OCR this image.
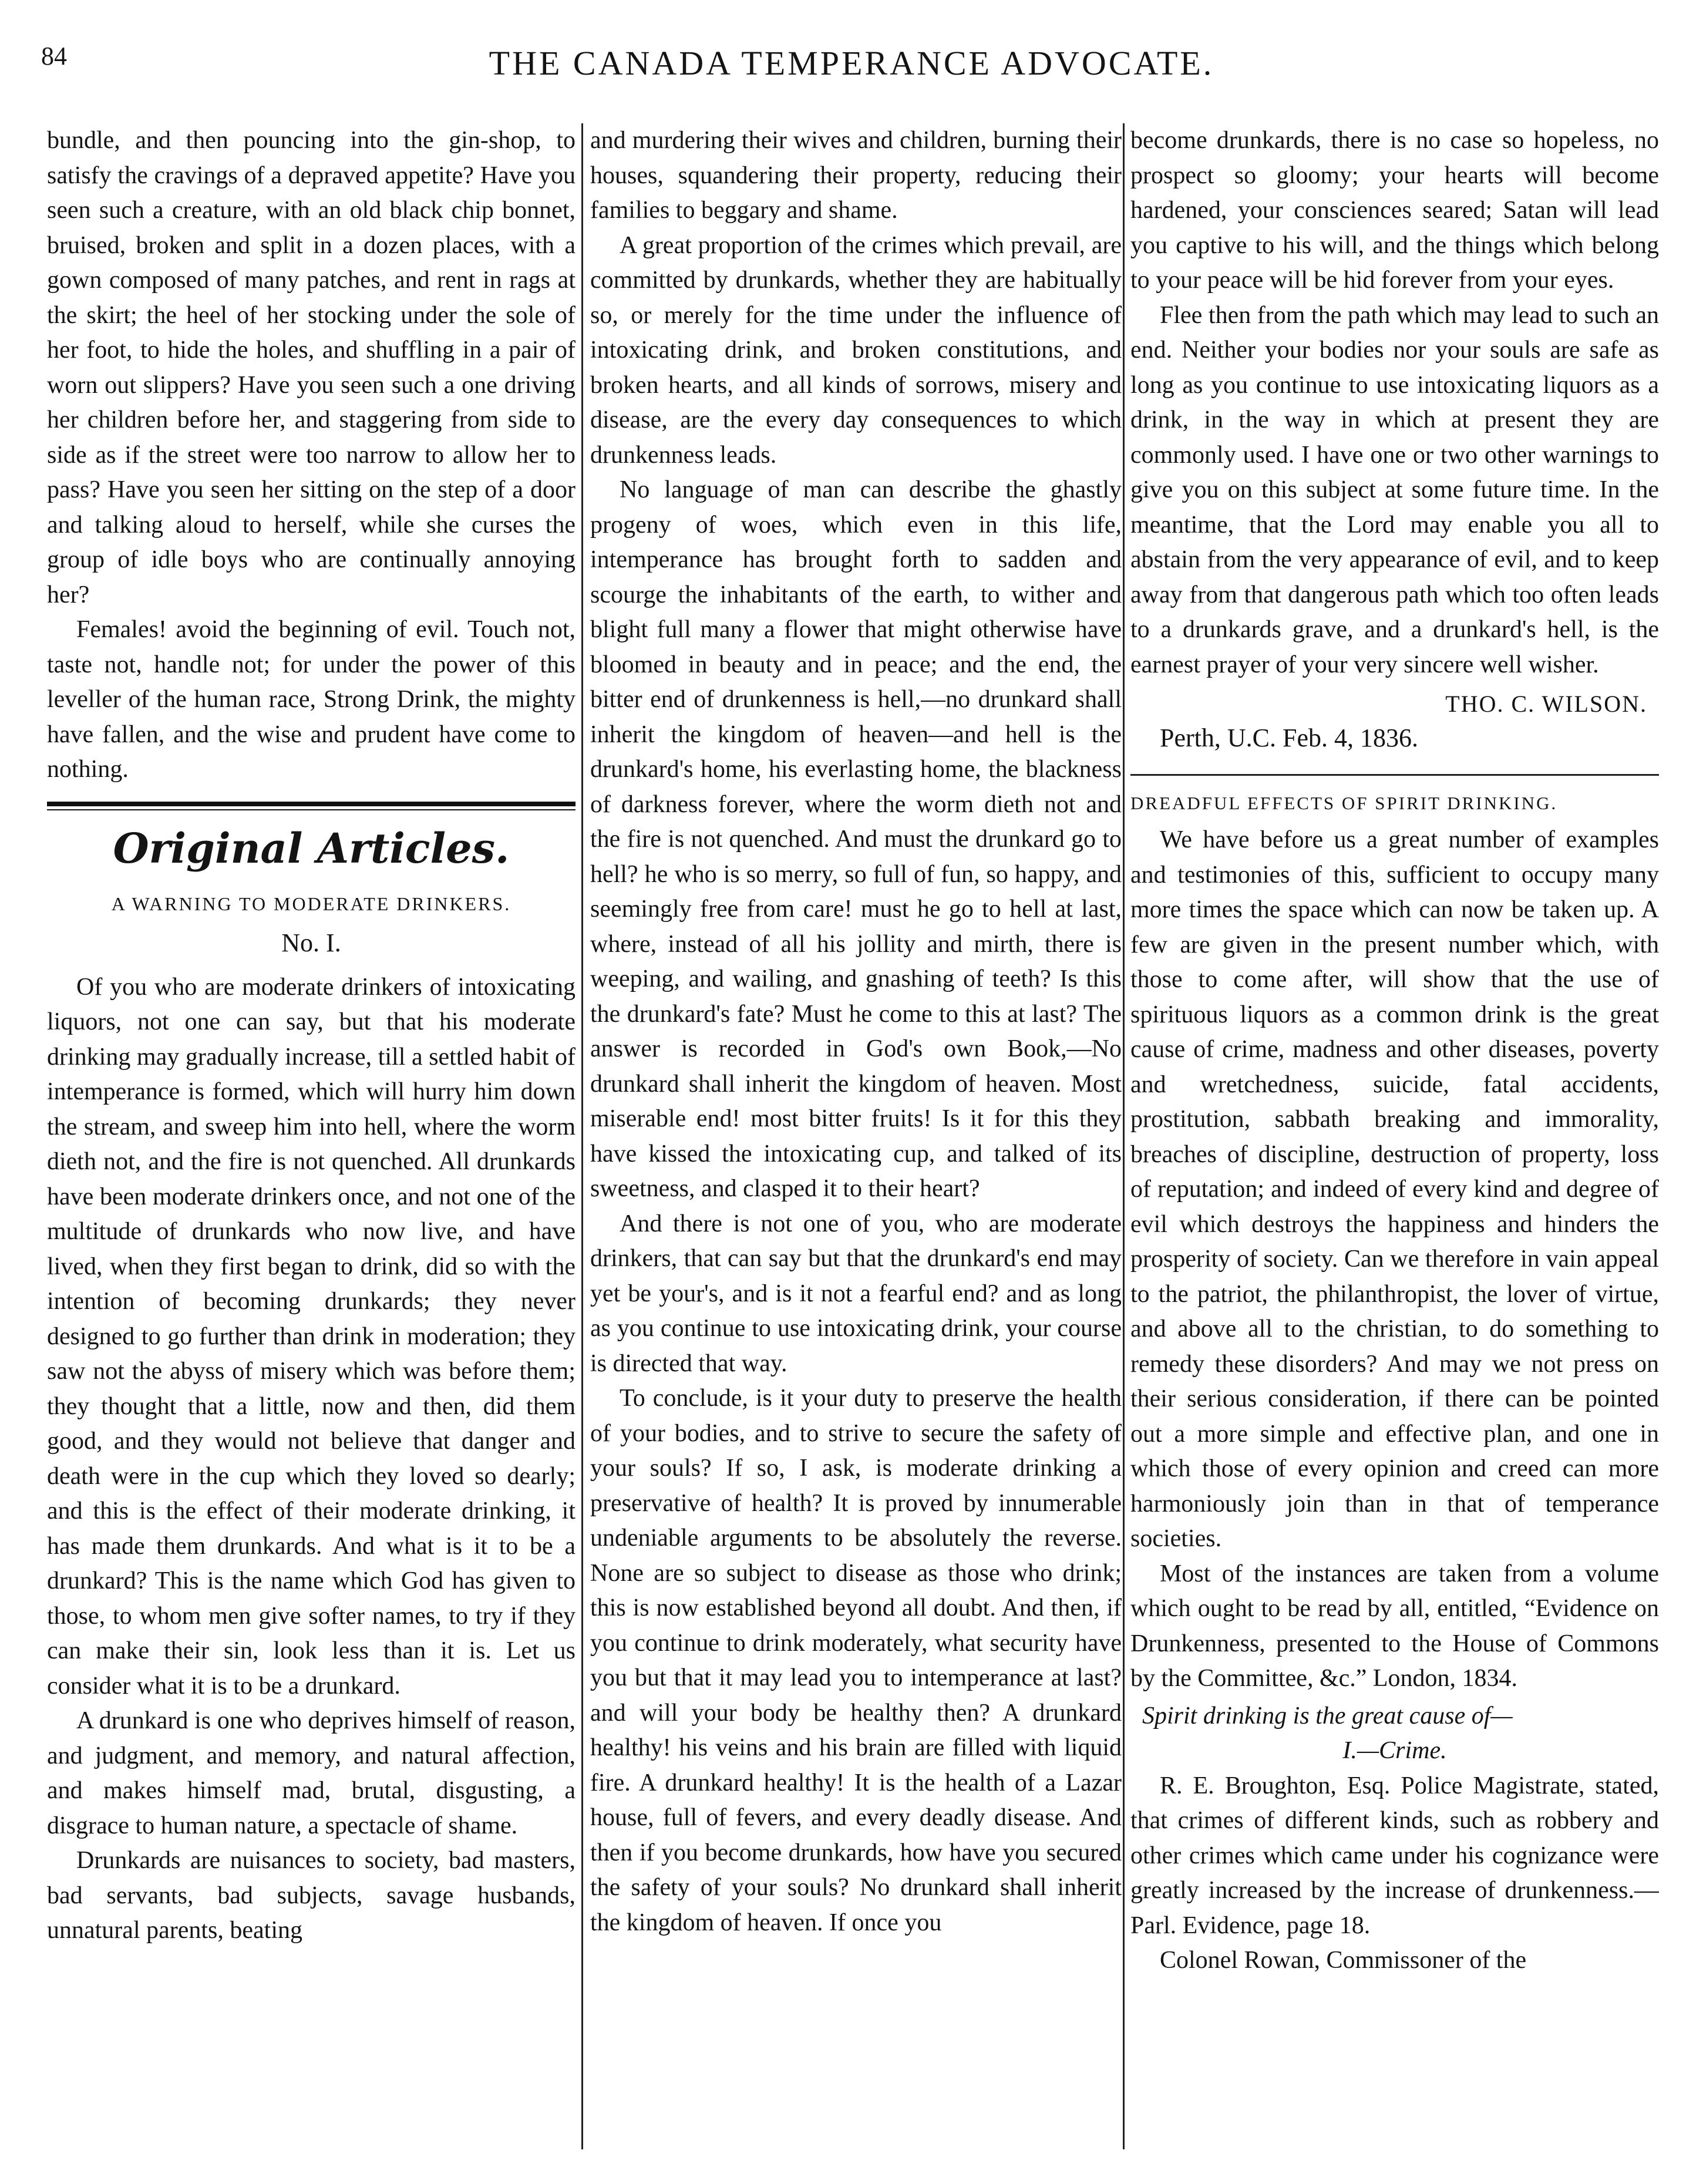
84	THE CANADA TEMPERANCE ADVOCATE.

bundle, and then pouncing into the gin-shop, to satisfy the cravings of a depraved appetite? Have you seen such a creature, with an old black chip bonnet, bruised, broken and split in a dozen places, with a gown composed of many patches, and rent in rags at the skirt; the heel of her stocking under the sole of her foot, to hide the holes, and shuffling in a pair of worn out slippers? Have you seen such a one driving her children before her, and staggering from side to side as if the street were too narrow to allow her to pass? Have you seen her sitting on the step of a door and talking aloud to herself, while she curses the group of idle boys who are continually annoying her?

Females! avoid the beginning of evil. Touch not, taste not, handle not; for under the power of this leveller of the human race, Strong Drink, the mighty have fallen, and the wise and prudent have come to nothing.

Original Articles.
A WARNING TO MODERATE DRINKERS.
No. I.

Of you who are moderate drinkers of intoxicating liquors, not one can say, but that his moderate drinking may gradually increase, till a settled habit of intemperance is formed, which will hurry him down the stream, and sweep him into hell, where the worm dieth not, and the fire is not quenched. All drunkards have been moderate drinkers once, and not one of the multitude of drunkards who now live, and have lived, when they first began to drink, did so with the intention of becoming drunkards; they never designed to go further than drink in moderation; they saw not the abyss of misery which was before them; they thought that a little, now and then, did them good, and they would not believe that danger and death were in the cup which they loved so dearly; and this is the effect of their moderate drinking, it has made them drunkards. And what is it to be a drunkard? This is the name which God has given to those, to whom men give softer names, to try if they can make their sin, look less than it is. Let us consider what it is to be a drunkard.

A drunkard is one who deprives himself of reason, and judgment, and memory, and natural affection, and makes himself mad, brutal, disgusting, a disgrace to human nature, a spectacle of shame.

Drunkards are nuisances to society, bad masters, bad servants, bad subjects, savage husbands, unnatural parents, beating

and murdering their wives and children, burning their houses, squandering their property, reducing their families to beggary and shame.

A great proportion of the crimes which prevail, are committed by drunkards, whether they are habitually so, or merely for the time under the influence of intoxicating drink, and broken constitutions, and broken hearts, and all kinds of sorrows, misery and disease, are the every day consequences to which drunkenness leads.

No language of man can describe the ghastly progeny of woes, which even in this life, intemperance has brought forth to sadden and scourge the inhabitants of the earth, to wither and blight full many a flower that might otherwise have bloomed in beauty and in peace; and the end, the bitter end of drunkenness is hell,—no drunkard shall inherit the kingdom of heaven—and hell is the drunkard's home, his everlasting home, the blackness of darkness forever, where the worm dieth not and the fire is not quenched. And must the drunkard go to hell? he who is so merry, so full of fun, so happy, and seemingly free from care! must he go to hell at last, where, instead of all his jollity and mirth, there is weeping, and wailing, and gnashing of teeth? Is this the drunkard's fate? Must he come to this at last? The answer is recorded in God's own Book,—No drunkard shall inherit the kingdom of heaven. Most miserable end! most bitter fruits! Is it for this they have kissed the intoxicating cup, and talked of its sweetness, and clasped it to their heart?

And there is not one of you, who are moderate drinkers, that can say but that the drunkard's end may yet be your's, and is it not a fearful end? and as long as you continue to use intoxicating drink, your course is directed that way.

To conclude, is it your duty to preserve the health of your bodies, and to strive to secure the safety of your souls? If so, I ask, is moderate drinking a preservative of health? It is proved by innumerable undeniable arguments to be absolutely the reverse. None are so subject to disease as those who drink; this is now established beyond all doubt. And then, if you continue to drink moderately, what security have you but that it may lead you to intemperance at last? and will your body be healthy then? A drunkard healthy! his veins and his brain are filled with liquid fire. A drunkard healthy! It is the health of a Lazar house, full of fevers, and every deadly disease. And then if you become drunkards, how have you secured the safety of your souls? No drunkard shall inherit the kingdom of heaven. If once you

become drunkards, there is no case so hopeless, no prospect so gloomy; your hearts will become hardened, your consciences seared; Satan will lead you captive to his will, and the things which belong to your peace will be hid forever from your eyes.

Flee then from the path which may lead to such an end. Neither your bodies nor your souls are safe as long as you continue to use intoxicating liquors as a drink, in the way in which at present they are commonly used. I have one or two other warnings to give you on this subject at some future time. In the meantime, that the Lord may enable you all to abstain from the very appearance of evil, and to keep away from that dangerous path which too often leads to a drunkards grave, and a drunkard's hell, is the earnest prayer of your very sincere well wisher.

THO. C. WILSON.
Perth, U.C. Feb. 4, 1836.
DREADFUL EFFECTS OF SPIRIT DRINKING.

We have before us a great number of examples and testimonies of this, sufficient to occupy many more times the space which can now be taken up. A few are given in the present number which, with those to come after, will show that the use of spirituous liquors as a common drink is the great cause of crime, madness and other diseases, poverty and wretchedness, suicide, fatal accidents, prostitution, sabbath breaking and immorality, breaches of discipline, destruction of property, loss of reputation; and indeed of every kind and degree of evil which destroys the happiness and hinders the prosperity of society. Can we therefore in vain appeal to the patriot, the philanthropist, the lover of virtue, and above all to the christian, to do something to remedy these disorders? And may we not press on their serious consideration, if there can be pointed out a more simple and effective plan, and one in which those of every opinion and creed can more harmoniously join than in that of temperance societies.

Most of the instances are taken from a volume which ought to be read by all, entitled, “Evidence on Drunkenness, presented to the House of Commons by the Committee, &c.” London, 1834.

Spirit drinking is the great cause of—
I.—Crime.

R. E. Broughton, Esq. Police Magistrate, stated, that crimes of different kinds, such as robbery and other crimes which came under his cognizance were greatly increased by the increase of drunkenness.—Parl. Evidence, page 18.

Colonel Rowan, Commissoner of the
